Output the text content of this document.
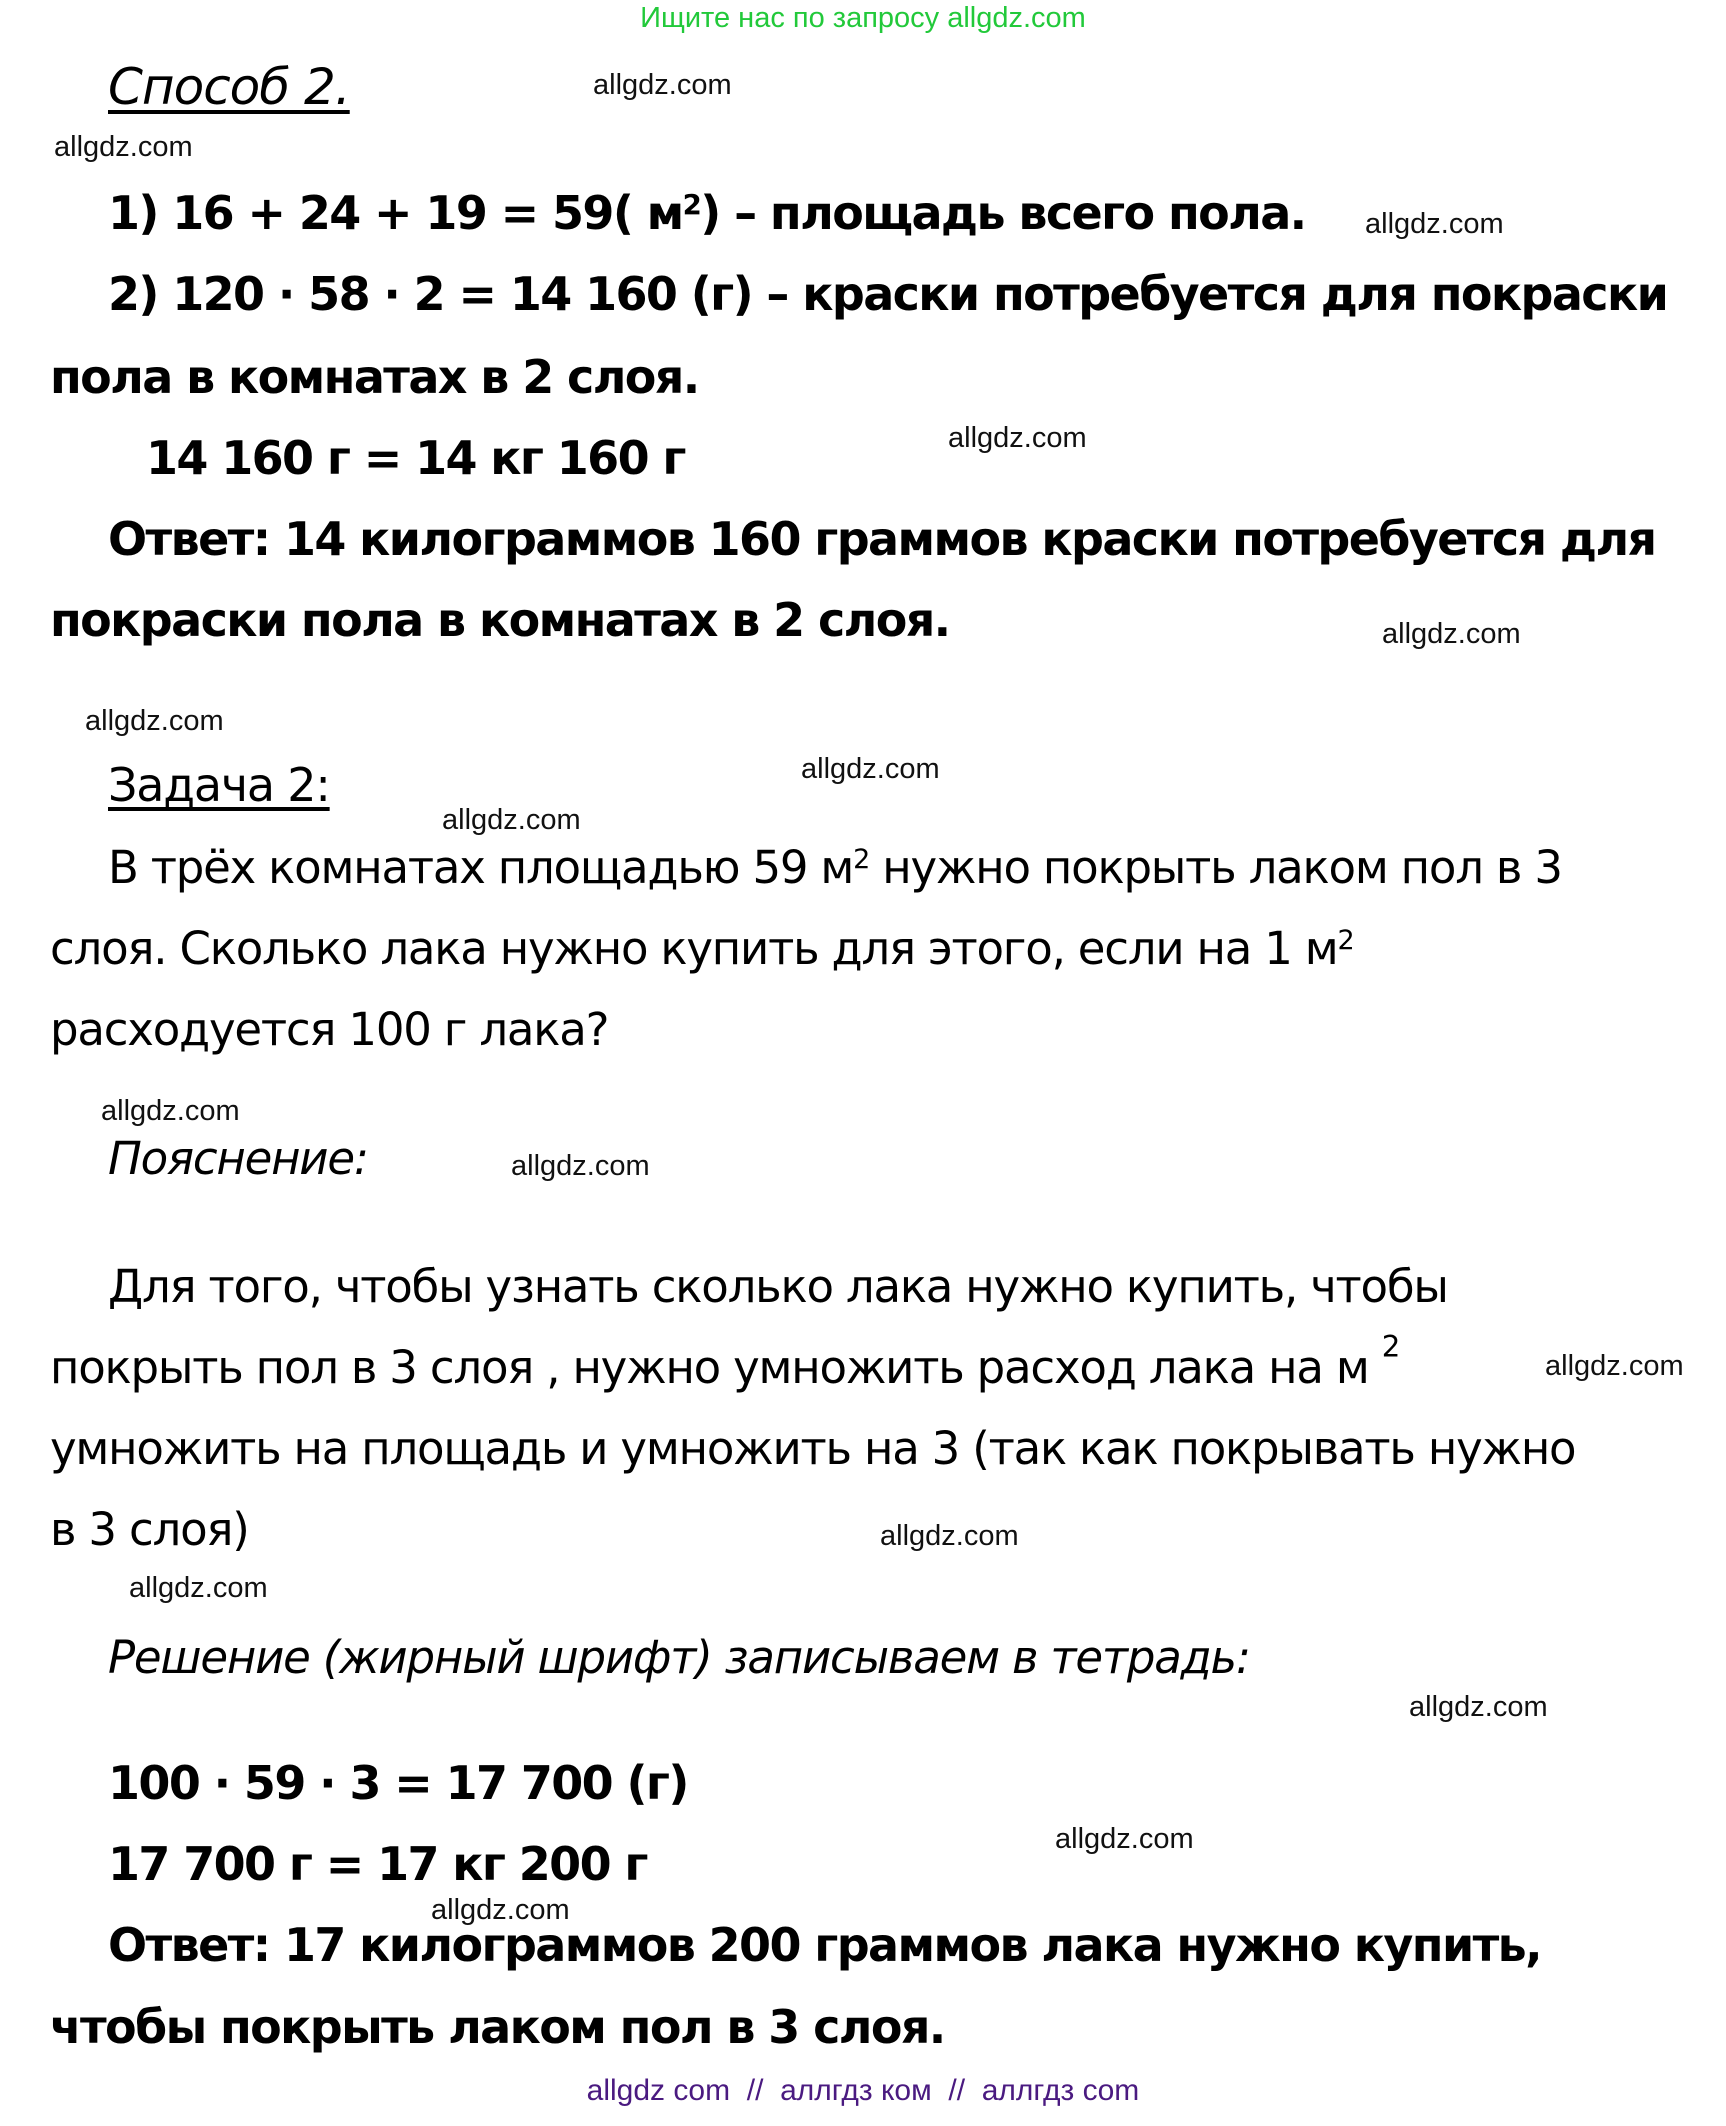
Ищите нас по запросу allgdz.com
Способ 2.
1) 16 + 24 + 19 = 59( $м^2$) – площадь всего пола.
2) 120 · 58 · 2 = 14 160 (г) – краски потребуется для покраски
пола в комнатах в 2 слоя.
14 160 г = 14 кг 160 г
Ответ: 14 килограммов 160 граммов краски потребуется для
покраски пола в комнатах в 2 слоя.
Задача 2:
В трёх комнатах площадью 59 $м^2$ нужно покрыть лаком пол в 3
слоя. Сколько лака нужно купить для этого, если на 1 $м^2$
расходуется 100 г лака?
Пояснение:
Для того, чтобы узнать сколько лака нужно купить, чтобы
покрыть пол в 3 слоя , нужно умножить расход лака на м $^2$
умножить на площадь и умножить на 3 (так как покрывать нужно
в 3 слоя)
Решение (жирный шрифт) записываем в тетрадь:
100 · 59 · 3 = 17 700 (г)
17 700 г = 17 кг 200 г
Ответ: 17 килограммов 200 граммов лака нужно купить,
чтобы покрыть лаком пол в 3 слоя.
allgdz.com
allgdz.com
allgdz.com
allgdz.com
allgdz.com
allgdz.com
allgdz.com
allgdz.com
allgdz.com
allgdz.com
allgdz.com
allgdz.com
allgdz.com
allgdz.com
allgdz.com
allgdz.com
allgdz com  //  аллгдз ком  //  аллгдз com
